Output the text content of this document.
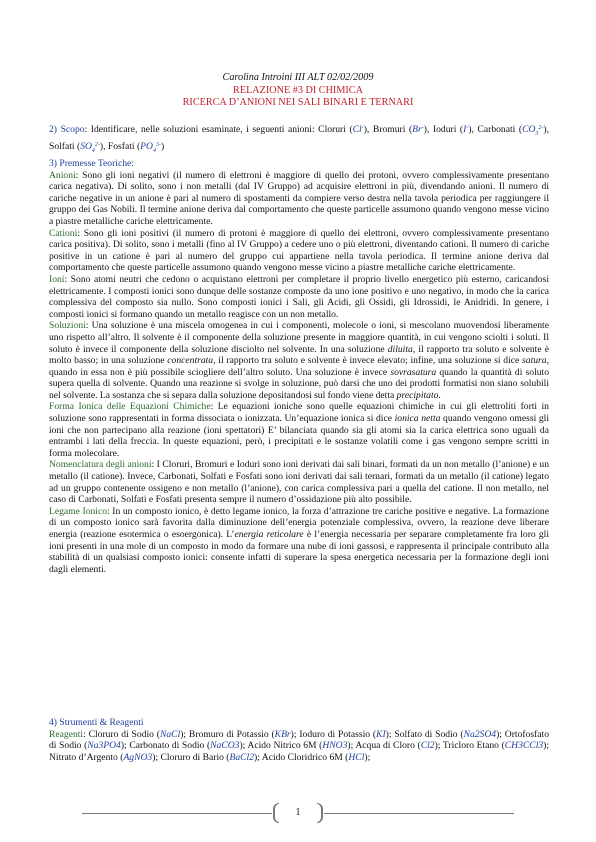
Carolina Introini III ALT 02/02/2009
RELAZIONE #3 DI CHIMICA
RICERCA D’ANIONI NEI SALI BINARI E TERNARI

2) Scopo: Identificare, nelle soluzioni esaminate, i seguenti anioni: Cloruri (Cl-), Bromuri (Br-), Ioduri (I-), Carbonati $(CO_3^{2-})$, Solfati $(SO_4^{2-})$, Fosfati $(PO_4^{3-})$

3) Premesse Teoriche:

Anioni: Sono gli ioni negativi (il numero di elettroni è maggiore di quello dei protoni, ovvero complessivamente presentano carica negativa). Di solito, sono i non metalli (dal IV Gruppo) ad acquisire elettroni in più, divendando anioni. Il numero di cariche negative in un anione è pari al numero di spostamenti da compiere verso destra nella tavola periodica per raggiungere il gruppo dei Gas Nobili. Il termine anione deriva dal comportamento che queste particelle assumono quando vengono messe vicino a piastre metalliche cariche elettricamente.

Cationi: Sono gli ioni positivi (il numero di protoni è maggiore di quello dei elettroni, ovvero complessivamente presentano carica positiva). Di solito, sono i metalli (fino al IV Gruppo) a cedere uno o più elettroni, diventando cationi. Il numero di cariche positive in un catione è pari al numero del gruppo cui appartiene nella tavola periodica. Il termine anione deriva dal comportamento che queste particelle assumono quando vengono messe vicino a piastre metalliche cariche elettricamente.

Ioni: Sono atomi neutri che cedono o acquistano elettroni per completare il proprio livello energetico più esterno, caricandosi elettricamente. I composti ionici sono dunque delle sostanze composte da uno ione positivo e uno negativo, in modo che la carica complessiva del composto sia nullo. Sono composti ionici i Sali, gli Acidi, gli Ossidi, gli Idrossidi, le Anidridi. In genere, i composti ionici si formano quando un metallo reagisce con un non metallo.

Soluzioni: Una soluzione è una miscela omogenea in cui i componenti, molecole o ioni, si mescolano muovendosi liberamente uno rispetto all’altro. Il solvente è il componente della soluzione presente in maggiore quantità, in cui vengono sciolti i soluti. Il soluto è invece il componente della soluzione disciolto nel solvente. In una soluzione diluita, il rapporto tra soluto e solvente è molto basso; in una soluzione concentrata, il rapporto tra soluto e solvente è invece elevato; infine, una soluzione si dice satura, quando in essa non è più possibile sciogliere dell’altro soluto. Una soluzione è invece sovrasatura quando la quantità di soluto supera quella di solvente. Quando una reazione si svolge in soluzione, può darsi che uno dei prodotti formatisi non siano solubili nel solvente. La sostanza che si separa dalla soluzione depositandosi sul fondo viene detta precipitato.

Forma Ionica delle Equazioni Chimiche: Le equazioni ioniche sono quelle equazioni chimiche in cui gli elettroliti forti in soluzione sono rappresentati in forma dissociata o ionizzata. Un’equazione ionica si dice ionica netta quando vengono omessi gli ioni che non partecipano alla reazione (ioni spettatori) E’ bilanciata quando sia gli atomi sia la carica elettrica sono uguali da entrambi i lati della freccia. In queste equazioni, però, i precipitati e le sostanze volatili come i gas vengono sempre scritti in forma molecolare.

Nomenclatura degli anioni: I Cloruri, Bromuri e Ioduri sono ioni derivati dai sali binari, formati da un non metallo (l’anione) e un metallo (il catione). Invece, Carbonati, Solfati e Fosfati sono ioni derivati dai sali ternari, formati da un metallo (il catione) legato ad un gruppo contenente ossigeno e non metallo (l’anione), con carica complessiva pari a quella del catione. Il non metallo, nel caso di Carbonati, Solfati e Fosfati presenta sempre il numero d’ossidazione più alto possibile.

Legame Ionico: In un composto ionico, è detto legame ionico, la forza d’attrazione tre cariche positive e negative. La formazione di un composto ionico sarà favorita dalla diminuzione dell’energia potenziale complessiva, ovvero, la reazione deve liberare energia (reazione esotermica o esoergonica). L’energia reticolare è l’energia necessaria per separare completamente fra loro gli ioni presenti in una mole di un composto in modo da formare una nube di ioni gassosi, e rappresenta il principale contributo alla stabilità di un qualsiasi composto ionici: consente infatti di superare la spesa energetica necessaria per la formazione degli ioni dagli elementi.

4) Strumenti & Reagenti

Reagenti: Cloruro di Sodio (NaCl); Bromuro di Potassio (KBr); Ioduro di Potassio (KI); Solfato di Sodio (Na2SO4); Ortofosfato di Sodio (Na3PO4); Carbonato di Sodio (NaCO3); Acido Nitrico 6M (HNO3); Acqua di Cloro (Cl2); Tricloro Etano (CH3CCl3); Nitrato d’Argento (AgNO3); Cloruro di Bario (BaCl2); Acido Cloridrico 6M (HCl);

1
